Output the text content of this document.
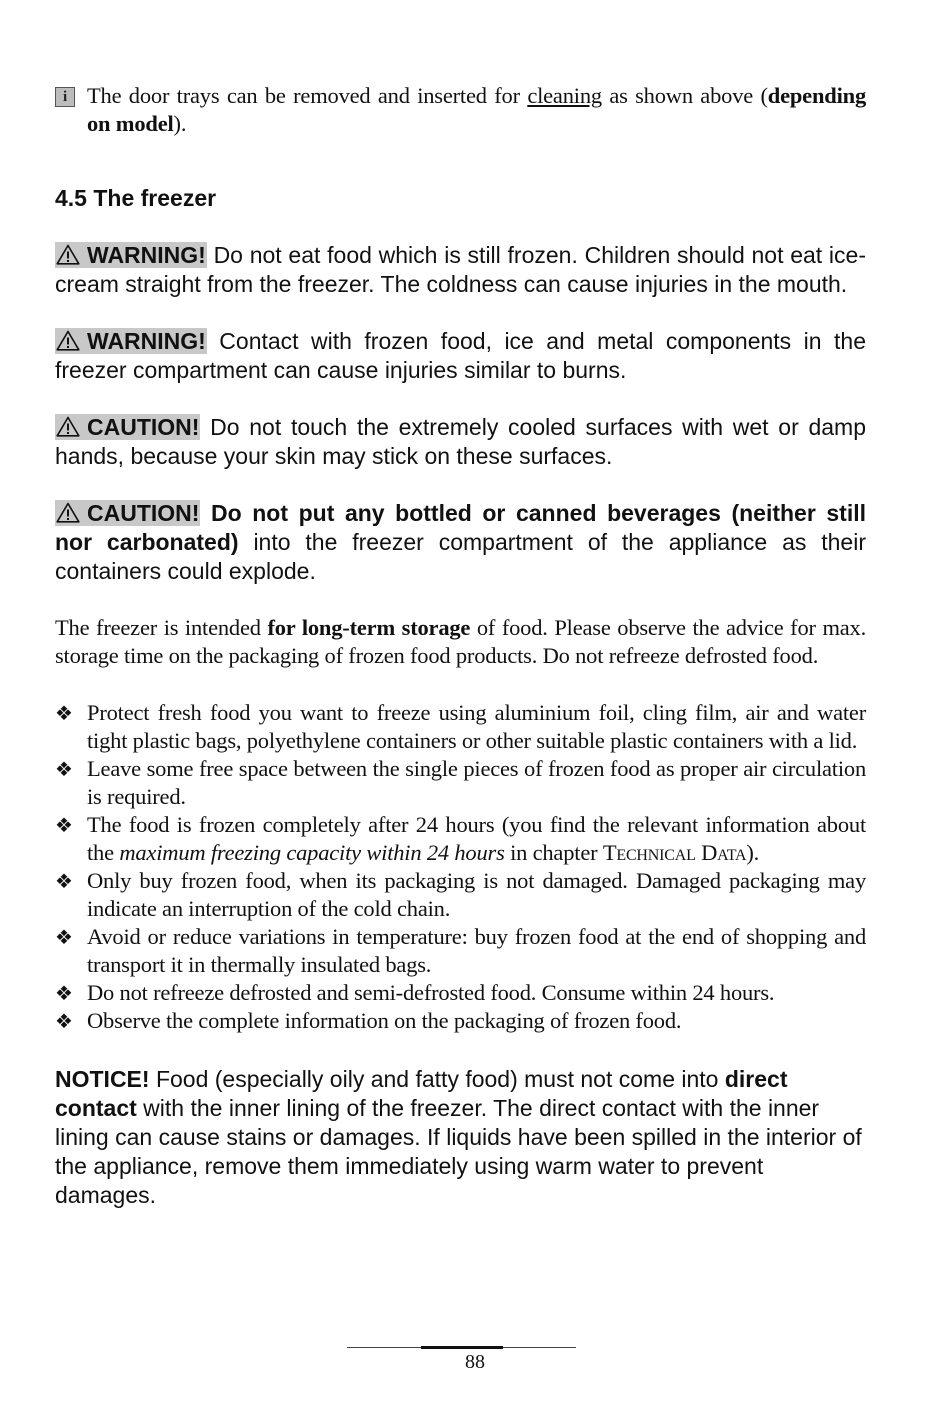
i The door trays can be removed and inserted for cleaning as shown above (depending on model).
4.5 The freezer

WARNING! Do not eat food which is still frozen. Children should not eat ice-cream straight from the freezer. The coldness can cause injuries in the mouth.

WARNING! Contact with frozen food, ice and metal components in the freezer compartment can cause injuries similar to burns.

CAUTION! Do not touch the extremely cooled surfaces with wet or damp hands, because your skin may stick on these surfaces.

CAUTION! Do not put any bottled or canned beverages (neither still nor carbonated) into the freezer compartment of the appliance as their containers could explode.

The freezer is intended for long-term storage of food. Please observe the advice for max. storage time on the packaging of frozen food products. Do not refreeze defrosted food.

❖ Protect fresh food you want to freeze using aluminium foil, cling film, air and water tight plastic bags, polyethylene containers or other suitable plastic containers with a lid.
❖ Leave some free space between the single pieces of frozen food as proper air circulation is required.
❖ The food is frozen completely after 24 hours (you find the relevant information about the maximum freezing capacity within 24 hours in chapter Technical Data).
❖ Only buy frozen food, when its packaging is not damaged. Damaged packaging may indicate an interruption of the cold chain.
❖ Avoid or reduce variations in temperature: buy frozen food at the end of shopping and transport it in thermally insulated bags.
❖ Do not refreeze defrosted and semi-defrosted food. Consume within 24 hours.
❖ Observe the complete information on the packaging of frozen food.

NOTICE! Food (especially oily and fatty food) must not come into direct contact with the inner lining of the freezer. The direct contact with the inner lining can cause stains or damages. If liquids have been spilled in the interior of the appliance, remove them immediately using warm water to prevent damages.

88
